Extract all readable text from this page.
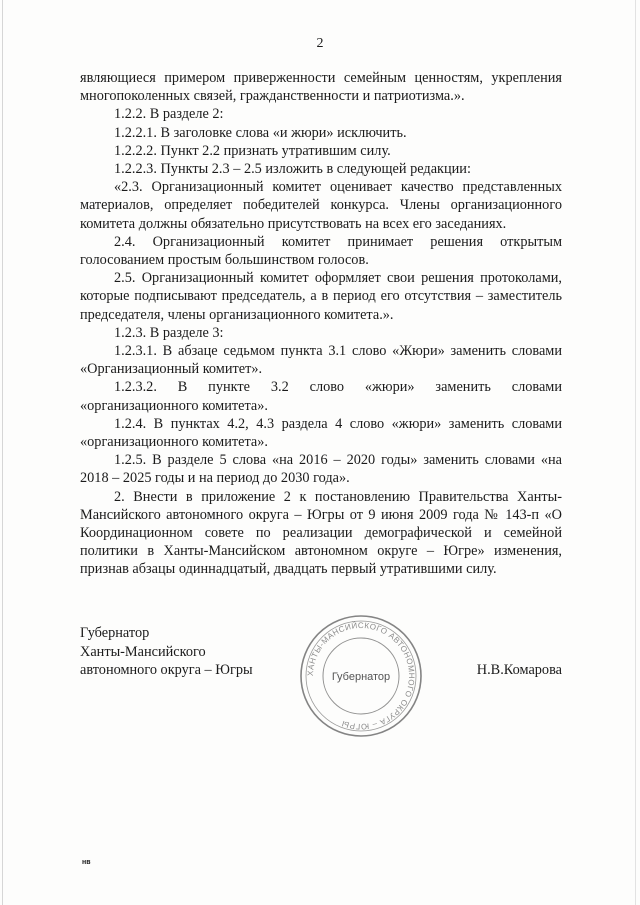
2

являющиеся примером приверженности семейным ценностям, укрепления многопоколенных связей, гражданственности и патриотизма.».

1.2.2. В разделе 2:

1.2.2.1. В заголовке слова «и жюри» исключить.

1.2.2.2. Пункт 2.2 признать утратившим силу.

1.2.2.3. Пункты 2.3 – 2.5 изложить в следующей редакции:

«2.3. Организационный комитет оценивает качество представленных материалов, определяет победителей конкурса. Члены организационного комитета должны обязательно присутствовать на всех его заседаниях.

2.4. Организационный комитет принимает решения открытым голосованием простым большинством голосов.

2.5. Организационный комитет оформляет свои решения протоколами, которые подписывают председатель, а в период его отсутствия – заместитель председателя, члены организационного комитета.».

1.2.3. В разделе 3:

1.2.3.1. В абзаце седьмом пункта 3.1 слово «Жюри» заменить словами «Организационный комитет».

1.2.3.2. В пункте 3.2 слово «жюри» заменить словами «организационного комитета».

1.2.4. В пунктах 4.2, 4.3 раздела 4 слово «жюри» заменить словами «организационного комитета».

1.2.5. В разделе 5 слова «на 2016 – 2020 годы» заменить словами «на 2018 – 2025 годы и на период до 2030 года».

2. Внести в приложение 2 к постановлению Правительства Ханты-Мансийского автономного округа – Югры от 9 июня 2009 года № 143-п «О Координационном совете по реализации демографической и семейной политики в Ханты-Мансийском автономном округе – Югре» изменения, признав абзацы одиннадцатый, двадцать первый утратившими силу.

Губернатор
Ханты-Мансийского
автономного округа – Югры	ХАНТЫ-МАНСИЙСКОГО АВТОНОМНОГО ОКРУГА – ЮГРЫ
Губернатор	Н.В.Комарова
нв
